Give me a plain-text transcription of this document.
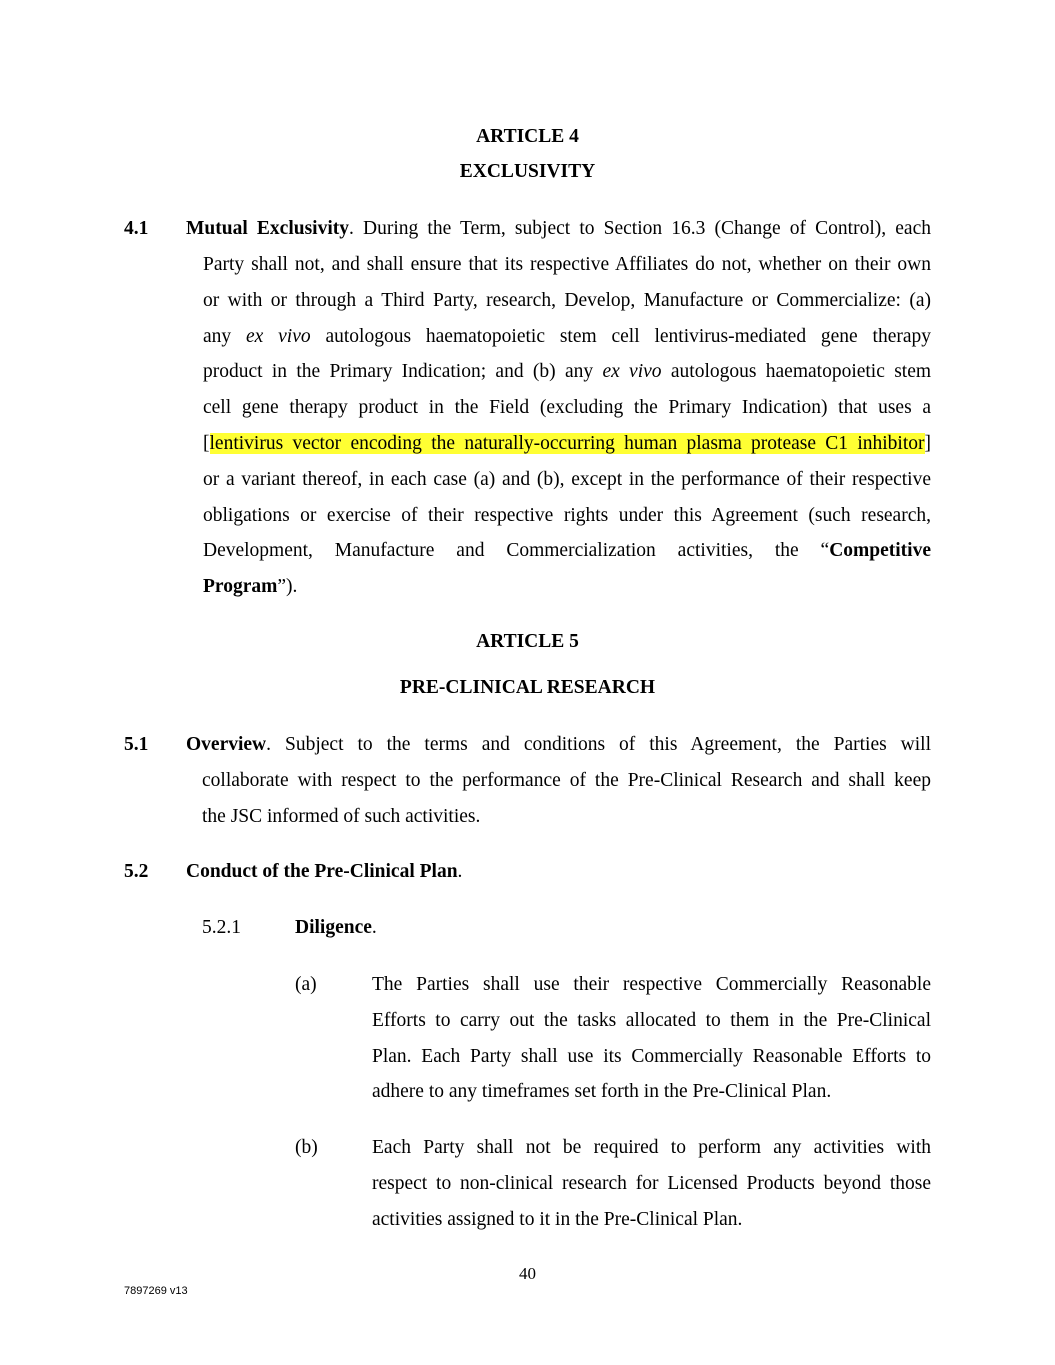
ARTICLE 4
EXCLUSIVITY
4.1 Mutual Exclusivity. During the Term, subject to Section 16.3 (Change of Control), each
Party shall not, and shall ensure that its respective Affiliates do not, whether on their own
or with or through a Third Party, research, Develop, Manufacture or Commercialize: (a)
any ex vivo autologous haematopoietic stem cell lentivirus-mediated gene therapy
product in the Primary Indication; and (b) any ex vivo autologous haematopoietic stem
cell gene therapy product in the Field (excluding the Primary Indication) that uses a
[lentivirus vector encoding the naturally-occurring human plasma protease C1 inhibitor]
or a variant thereof, in each case (a) and (b), except in the performance of their respective
obligations or exercise of their respective rights under this Agreement (such research,
Development, Manufacture and Commercialization activities, the “Competitive
Program”).
ARTICLE 5
PRE-CLINICAL RESEARCH
5.1 Overview. Subject to the terms and conditions of this Agreement, the Parties will
collaborate with respect to the performance of the Pre-Clinical Research and shall keep
the JSC informed of such activities.
5.2 Conduct of the Pre-Clinical Plan.
5.2.1	Diligence.
(a)	The Parties shall use their respective Commercially Reasonable
Efforts to carry out the tasks allocated to them in the Pre-Clinical
Plan. Each Party shall use its Commercially Reasonable Efforts to
adhere to any timeframes set forth in the Pre-Clinical Plan.
(b)	Each Party shall not be required to perform any activities with
respect to non-clinical research for Licensed Products beyond those
activities assigned to it in the Pre-Clinical Plan.
40
7897269 v13
